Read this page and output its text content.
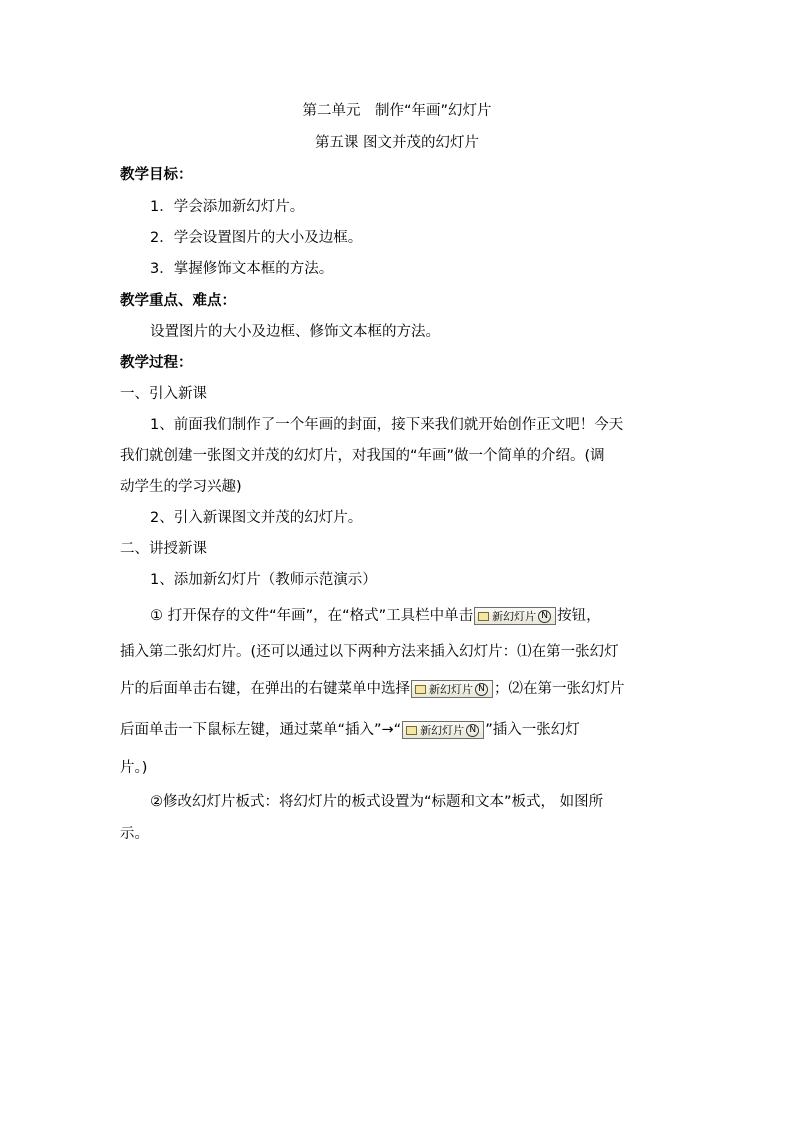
第二单元　制作“年画”幻灯片
第五课 图文并茂的幻灯片
教学目标：
1．学会添加新幻灯片。
2．学会设置图片的大小及边框。
3．掌握修饰文本框的方法。
教学重点、难点：
设置图片的大小及边框、修饰文本框的方法。
教学过程：
一、引入新课
1、前面我们制作了一个年画的封面，接下来我们就开始创作正文吧！今天
我们就创建一张图文并茂的幻灯片，对我国的“年画”做一个简单的介绍。(调
动学生的学习兴趣)
2、引入新课图文并茂的幻灯片。
二、讲授新课
1、添加新幻灯片（教师示范演示）
① 打开保存的文件“年画”，在“格式”工具栏中单击 新幻灯片 N 按钮，
插入第二张幻灯片。(还可以通过以下两种方法来插入幻灯片：⑴在第一张幻灯
片的后面单击右键，在弹出的右键菜单中选择 新幻灯片 N ；⑵在第一张幻灯片
后面单击一下鼠标左键，通过菜单“插入”→“ 新幻灯片 N ”插入一张幻灯
片。)
②修改幻灯片板式：将幻灯片的板式设置为“标题和文本”板式， 如图所
示。
